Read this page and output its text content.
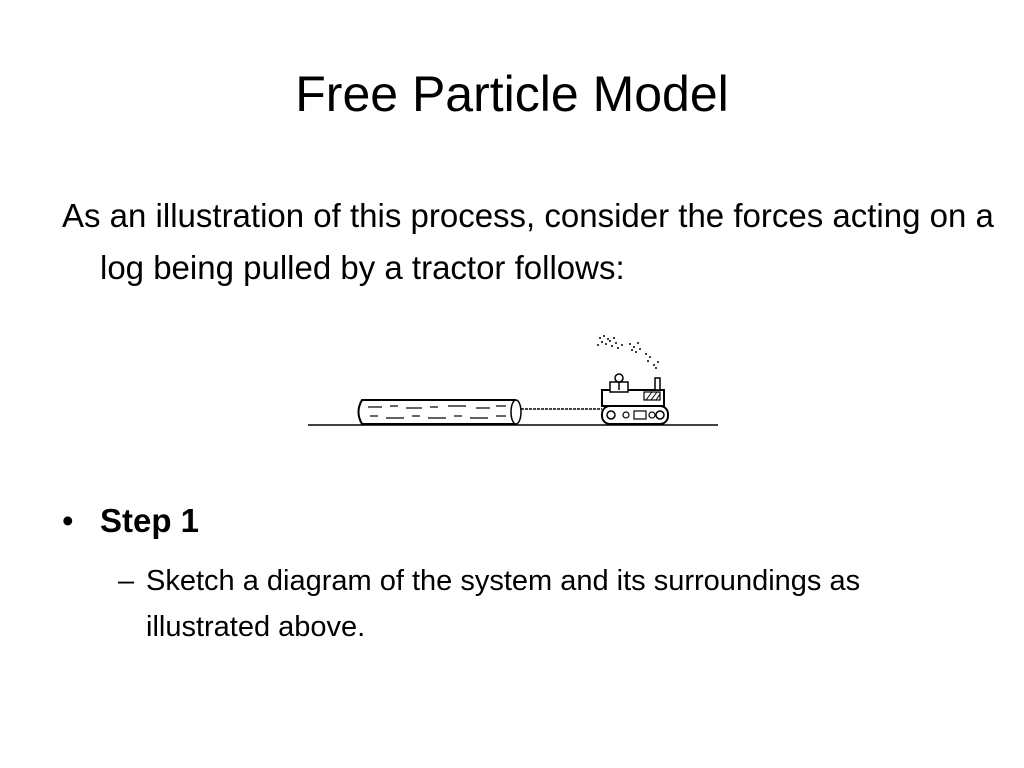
Free Particle Model

As an illustration of this process, consider the forces acting on a log being pulled by a tractor follows:

• Step 1
– Sketch a diagram of the system and its surroundings as illustrated above.
